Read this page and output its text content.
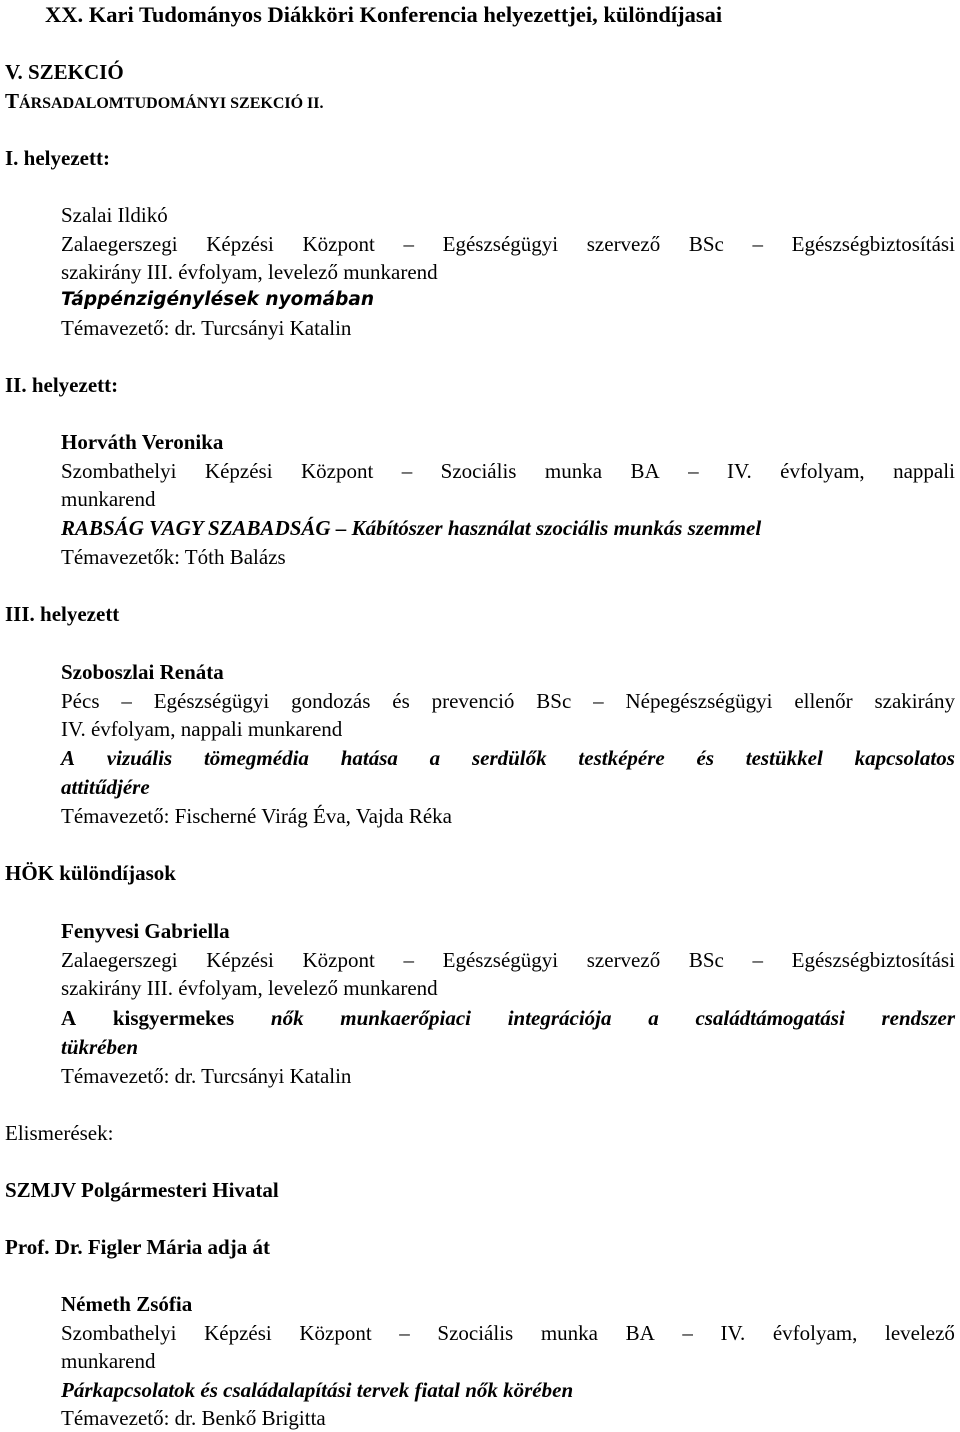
XX. Kari Tudományos Diákköri Konferencia helyezettjei, különdíjasai
V. SZEKCIÓ
TÁRSADALOMTUDOMÁNYI SZEKCIÓ II.
I. helyezett:
Szalai Ildikó
Zalaegerszegi Képzési Központ – Egészségügyi szervező BSc – Egészségbiztosítási
szakirány III. évfolyam, levelező munkarend
Táppénzigénylések nyomában
Témavezető: dr. Turcsányi Katalin
II. helyezett:
Horváth Veronika
Szombathelyi Képzési Központ – Szociális munka BA – IV. évfolyam, nappali
munkarend
RABSÁG VAGY SZABADSÁG – Kábítószer használat szociális munkás szemmel
Témavezetők: Tóth Balázs
III. helyezett
Szoboszlai Renáta
Pécs – Egészségügyi gondozás és prevenció BSc – Népegészségügyi ellenőr szakirány
IV. évfolyam, nappali munkarend
A vizuális tömegmédia hatása a serdülők testképére és testükkel kapcsolatos
attitűdjére
Témavezető: Fischerné Virág Éva, Vajda Réka
HÖK különdíjasok
Fenyvesi Gabriella
Zalaegerszegi Képzési Központ – Egészségügyi szervező BSc – Egészségbiztosítási
szakirány III. évfolyam, levelező munkarend
A kisgyermekes nők munkaerőpiaci integrációja a családtámogatási rendszer
tükrében
Témavezető: dr. Turcsányi Katalin
Elismerések:
SZMJV Polgármesteri Hivatal
Prof. Dr. Figler Mária adja át
Németh Zsófia
Szombathelyi Képzési Központ – Szociális munka BA – IV. évfolyam, levelező
munkarend
Párkapcsolatok és családalapítási tervek fiatal nők körében
Témavezető: dr. Benkő Brigitta
